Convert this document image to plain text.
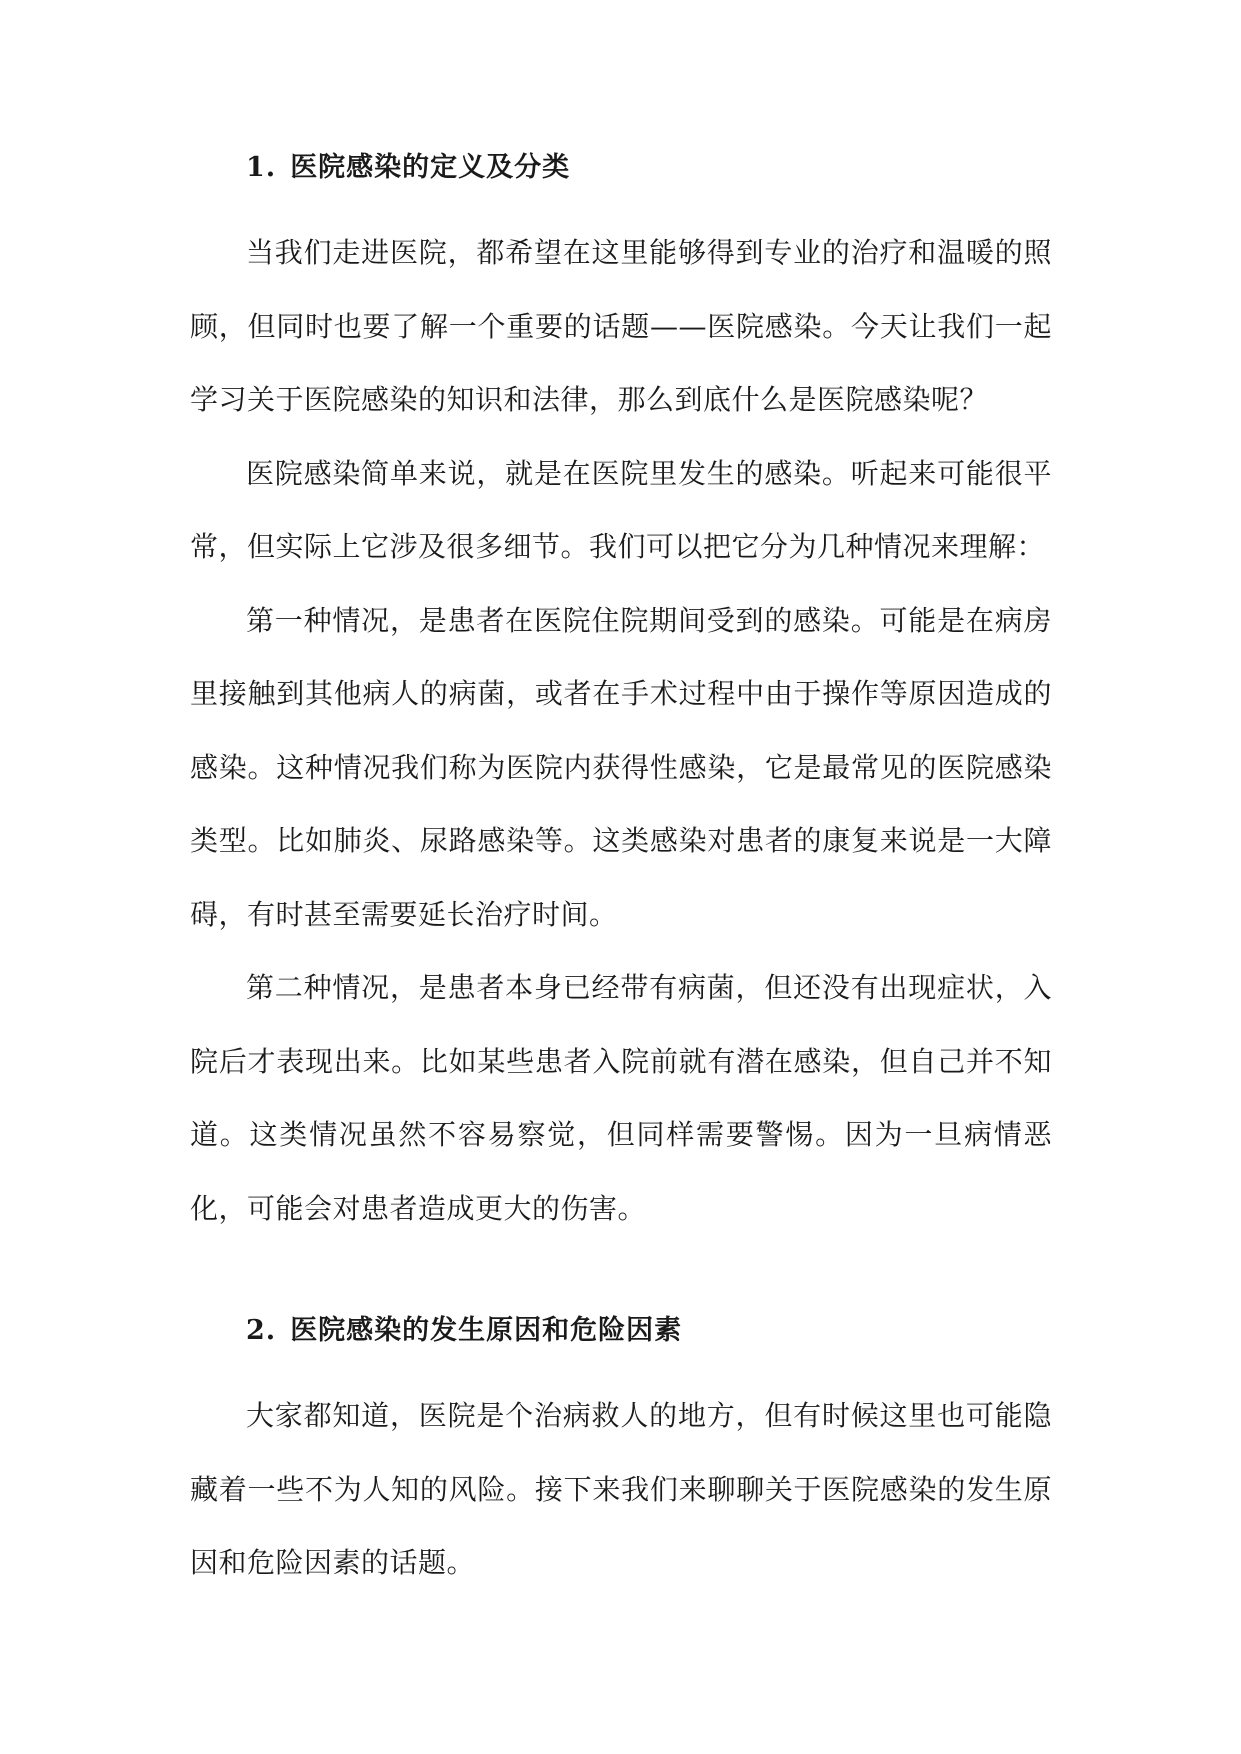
1. 医院感染的定义及分类

当我们走进医院，都希望在这里能够得到专业的治疗和温暖的照顾，但同时也要了解一个重要的话题——医院感染。今天让我们一起学习关于医院感染的知识和法律，那么到底什么是医院感染呢？

医院感染简单来说，就是在医院里发生的感染。听起来可能很平常，但实际上它涉及很多细节。我们可以把它分为几种情况来理解：

第一种情况，是患者在医院住院期间受到的感染。可能是在病房里接触到其他病人的病菌，或者在手术过程中由于操作等原因造成的感染。这种情况我们称为医院内获得性感染，它是最常见的医院感染类型。比如肺炎、尿路感染等。这类感染对患者的康复来说是一大障碍，有时甚至需要延长治疗时间。

第二种情况，是患者本身已经带有病菌，但还没有出现症状，入院后才表现出来。比如某些患者入院前就有潜在感染，但自己并不知道。这类情况虽然不容易察觉，但同样需要警惕。因为一旦病情恶化，可能会对患者造成更大的伤害。

2. 医院感染的发生原因和危险因素

大家都知道，医院是个治病救人的地方，但有时候这里也可能隐藏着一些不为人知的风险。接下来我们来聊聊关于医院感染的发生原因和危险因素的话题。
